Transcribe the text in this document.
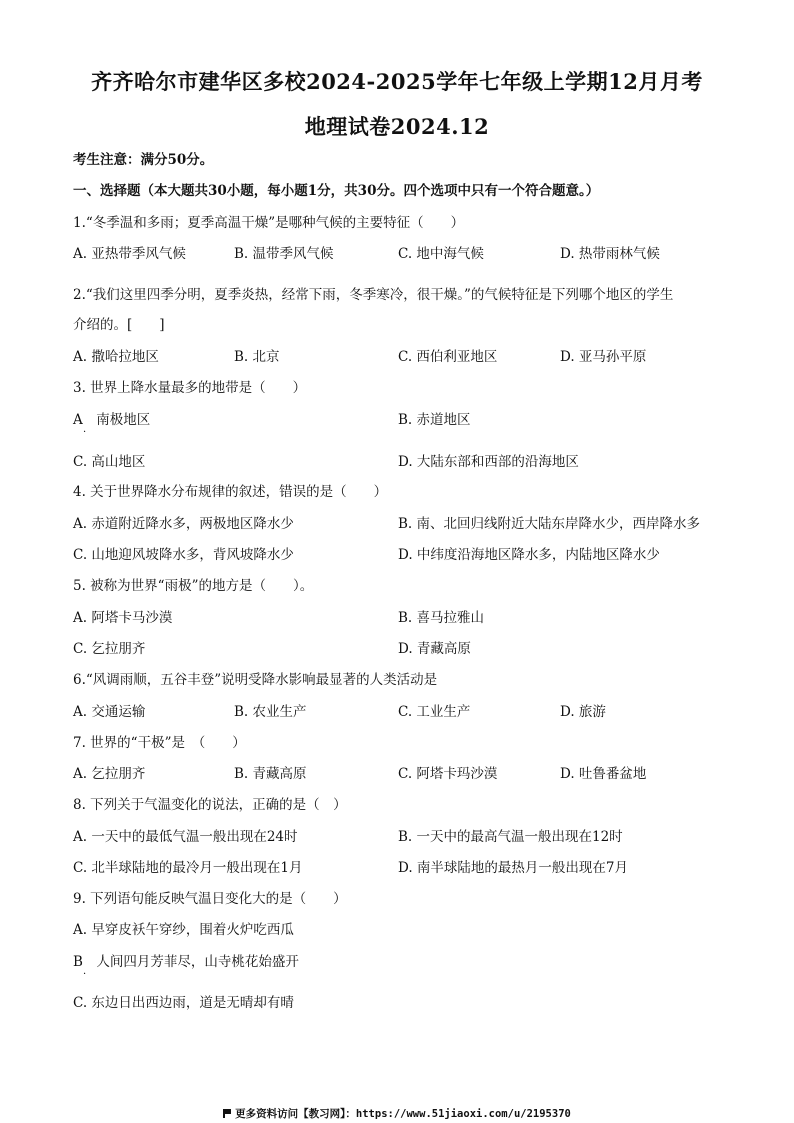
齐齐哈尔市建华区多校2024-2025学年七年级上学期12月月考
地理试卷2024.12
考生注意：满分50分。
一、选择题（本大题共30小题，每小题1分，共30分。四个选项中只有一个符合题意。）
1.“冬季温和多雨；夏季高温干燥”是哪种气候的主要特征（　　）
A. 亚热带季风气候	B. 温带季风气候	C. 地中海气候	D. 热带雨林气候
2.“我们这里四季分明，夏季炎热，经常下雨，冬季寒冷，很干燥。”的气候特征是下列哪个地区的学生
介绍的。[　　]
A. 撒哈拉地区	B. 北京	C. 西伯利亚地区	D. 亚马孙平原
3. 世界上降水量最多的地带是（　　）
A　南极地区
·
B. 赤道地区
C. 高山地区	D. 大陆东部和西部的沿海地区
4. 关于世界降水分布规律的叙述，错误的是（　　）
A. 赤道附近降水多，两极地区降水少	B. 南、北回归线附近大陆东岸降水少，西岸降水多
C. 山地迎风坡降水多，背风坡降水少	D. 中纬度沿海地区降水多，内陆地区降水少
5. 被称为世界“雨极”的地方是（　　）。
A. 阿塔卡马沙漠	B. 喜马拉雅山
C. 乞拉朋齐	D. 青藏高原
6.“风调雨顺，五谷丰登”说明受降水影响最显著的人类活动是
A. 交通运输	B. 农业生产	C. 工业生产	D. 旅游
7. 世界的“干极”是　（　　）
A. 乞拉朋齐	B. 青藏高原	C. 阿塔卡玛沙漠	D. 吐鲁番盆地
8. 下列关于气温变化的说法，正确的是（　）
A. 一天中的最低气温一般出现在24时	B. 一天中的最高气温一般出现在12时
C. 北半球陆地的最冷月一般出现在1月	D. 南半球陆地的最热月一般出现在7月
9. 下列语句能反映气温日变化大的是（　　）
A. 早穿皮袄午穿纱，围着火炉吃西瓜
B　人间四月芳菲尽，山寺桃花始盛开
·
C. 东边日出西边雨，道是无晴却有晴
更多资料访问【教习网】：https://www.51jiaoxi.com/u/2195370
